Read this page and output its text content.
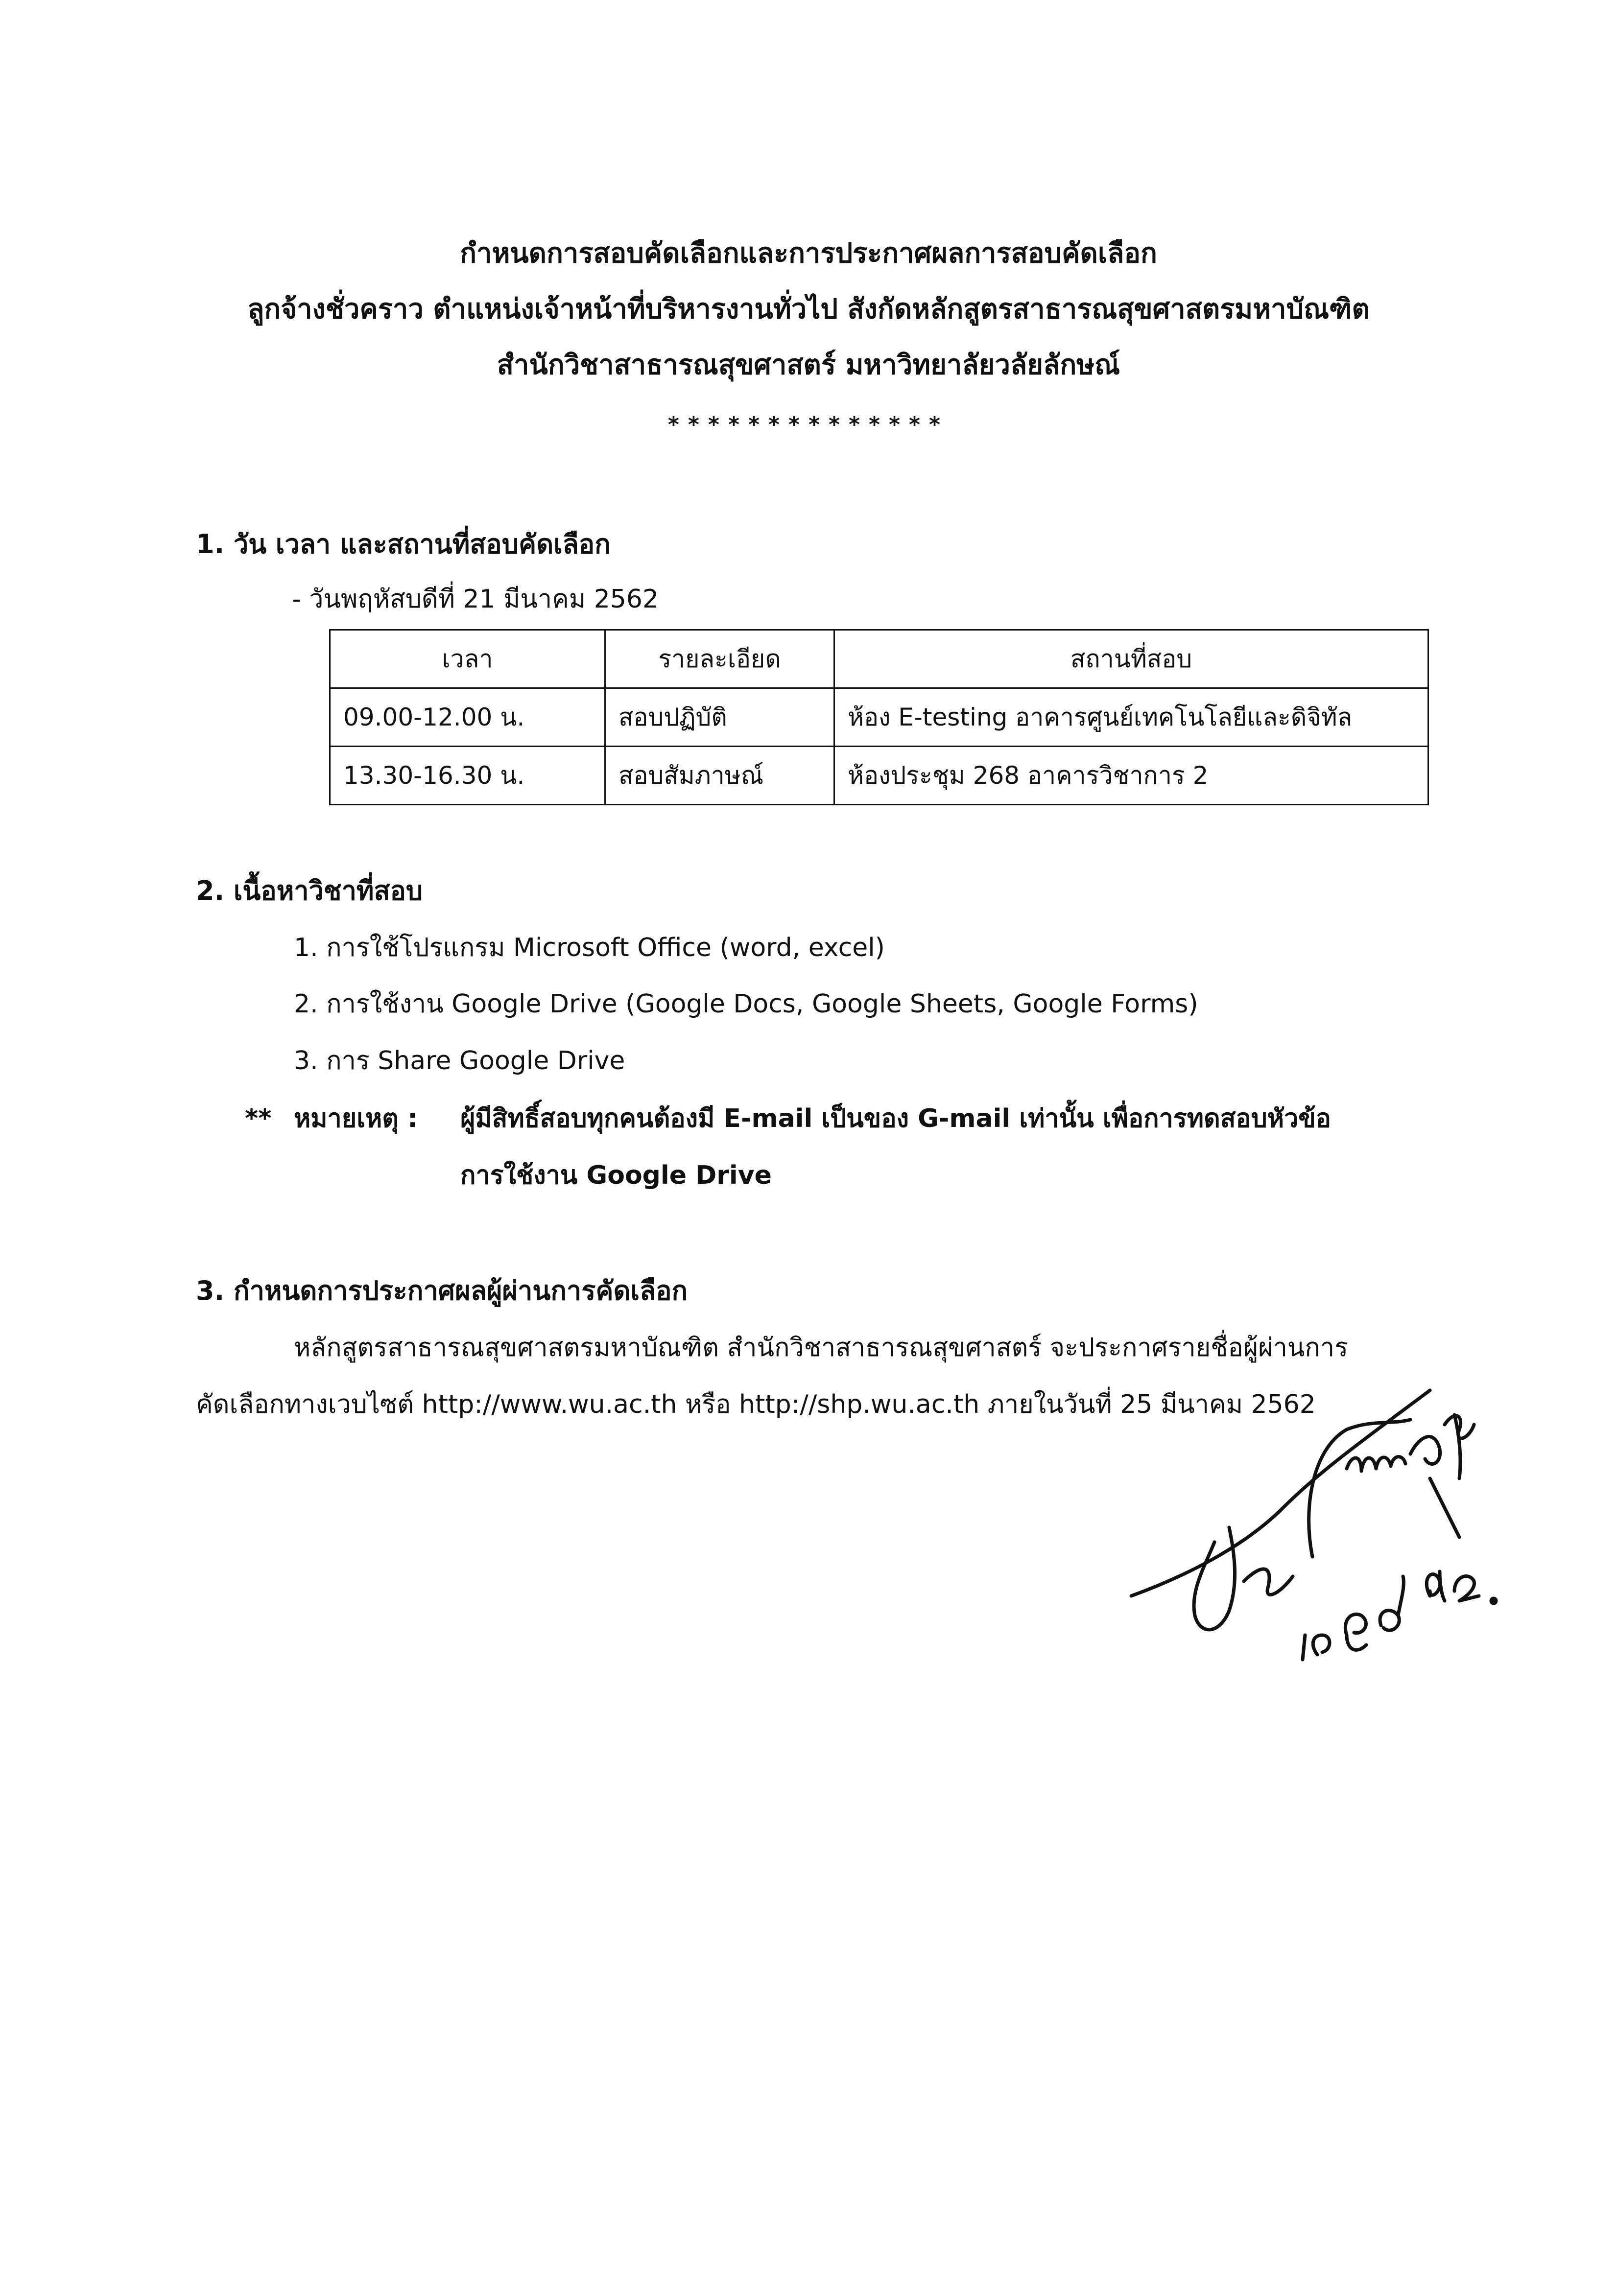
กำหนดการสอบคัดเลือกและการประกาศผลการสอบคัดเลือก
ลูกจ้างชั่วคราว ตำแหน่งเจ้าหน้าที่บริหารงานทั่วไป สังกัดหลักสูตรสาธารณสุขศาสตรมหาบัณฑิต
สำนักวิชาสาธารณสุขศาสตร์ มหาวิทยาลัยวลัยลักษณ์
**************
1. วัน เวลา และสถานที่สอบคัดเลือก
- วันพฤหัสบดีที่ 21 มีนาคม 2562
เวลา	รายละเอียด	สถานที่สอบ
09.00-12.00 น.	สอบปฏิบัติ	ห้อง E-testing อาคารศูนย์เทคโนโลยีและดิจิทัล
13.30-16.30 น.	สอบสัมภาษณ์	ห้องประชุม 268 อาคารวิชาการ 2
2. เนื้อหาวิชาที่สอบ
1. การใช้โปรแกรม Microsoft Office (word, excel)
2. การใช้งาน Google Drive (Google Docs, Google Sheets, Google Forms)
3. การ Share Google Drive
** หมายเหตุ : ผู้มีสิทธิ์สอบทุกคนต้องมี E-mail เป็นของ G-mail เท่านั้น เพื่อการทดสอบหัวข้อ
การใช้งาน Google Drive
3. กำหนดการประกาศผลผู้ผ่านการคัดเลือก
หลักสูตรสาธารณสุขศาสตรมหาบัณฑิต สำนักวิชาสาธารณสุขศาสตร์ จะประกาศรายชื่อผู้ผ่านการ
คัดเลือกทางเวบไซต์ http://www.wu.ac.th หรือ http://shp.wu.ac.th ภายในวันที่ 25 มีนาคม 2562
